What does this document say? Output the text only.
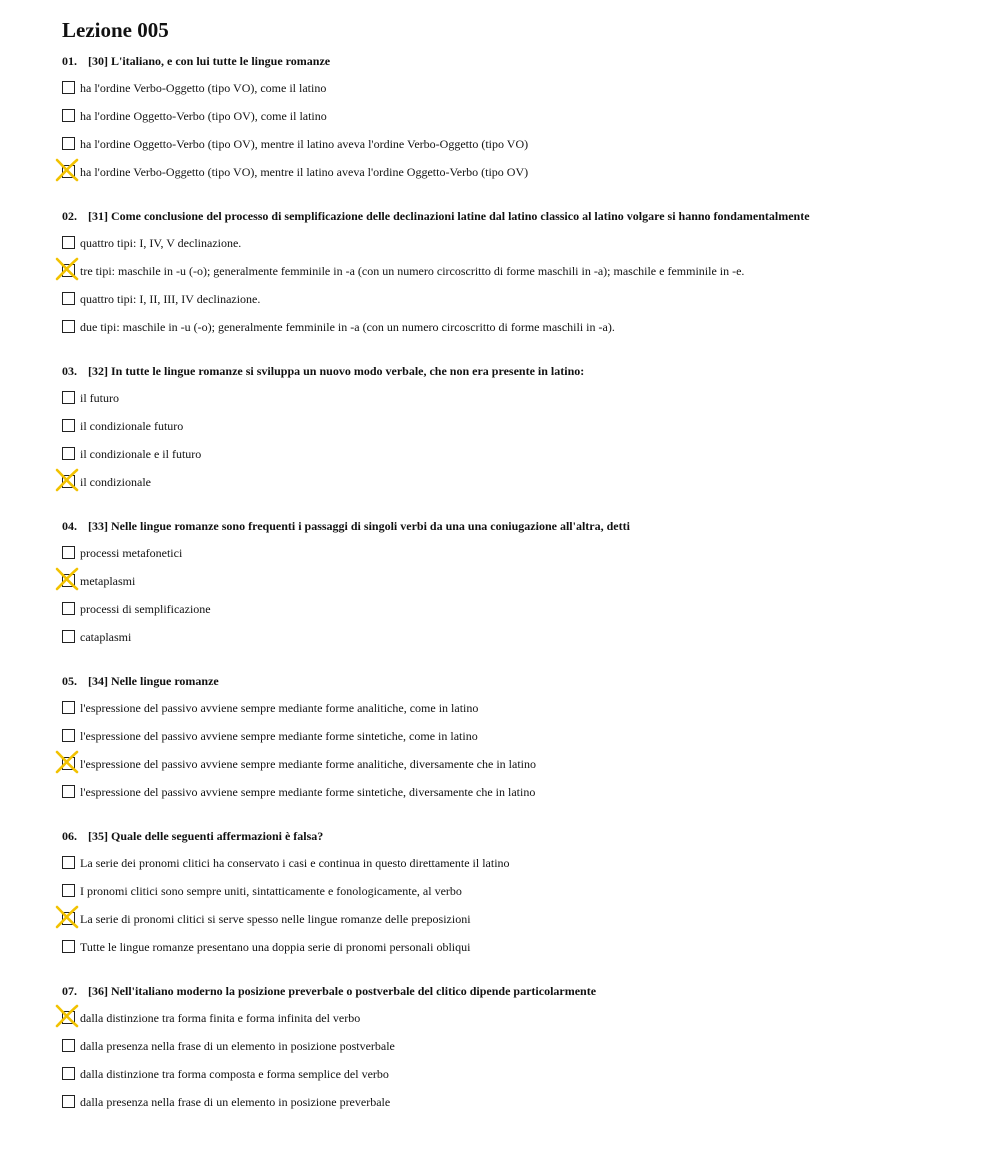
Lezione 005
01. [30] L'italiano, e con lui tutte le lingue romanze
ha l'ordine Verbo-Oggetto (tipo VO), come il latino
ha l'ordine Oggetto-Verbo (tipo OV), come il latino
ha l'ordine Oggetto-Verbo (tipo OV), mentre il latino aveva l'ordine Verbo-Oggetto (tipo VO)
ha l'ordine Verbo-Oggetto (tipo VO), mentre il latino aveva l'ordine Oggetto-Verbo (tipo OV)
02. [31] Come conclusione del processo di semplificazione delle declinazioni latine dal latino classico al latino volgare si hanno fondamentalmente
quattro tipi: I, IV, V declinazione.
tre tipi: maschile in -u (-o); generalmente femminile in -a (con un numero circoscritto di forme maschili in -a); maschile e femminile in -e.
quattro tipi: I, II, III, IV declinazione.
due tipi: maschile in -u (-o); generalmente femminile in -a (con un numero circoscritto di forme maschili in -a).
03. [32] In tutte le lingue romanze si sviluppa un nuovo modo verbale, che non era presente in latino:
il futuro
il condizionale futuro
il condizionale e il futuro
il condizionale
04. [33] Nelle lingue romanze sono frequenti i passaggi di singoli verbi da una una coniugazione all'altra, detti
processi metafonetici
metaplasmi
processi di semplificazione
cataplasmi
05. [34] Nelle lingue romanze
l'espressione del passivo avviene sempre mediante forme analitiche, come in latino
l'espressione del passivo avviene sempre mediante forme sintetiche, come in latino
l'espressione del passivo avviene sempre mediante forme analitiche, diversamente che in latino
l'espressione del passivo avviene sempre mediante forme sintetiche, diversamente che in latino
06. [35] Quale delle seguenti affermazioni è falsa?
La serie dei pronomi clitici ha conservato i casi e continua in questo direttamente il latino
I pronomi clitici sono sempre uniti, sintatticamente e fonologicamente, al verbo
La serie di pronomi clitici si serve spesso nelle lingue romanze delle preposizioni
Tutte le lingue romanze presentano una doppia serie di pronomi personali obliqui
07. [36] Nell'italiano moderno la posizione preverbale o postverbale del clitico dipende particolarmente
dalla distinzione tra forma finita e forma infinita del verbo
dalla presenza nella frase di un elemento in posizione postverbale
dalla distinzione tra forma composta e forma semplice del verbo
dalla presenza nella frase di un elemento in posizione preverbale
